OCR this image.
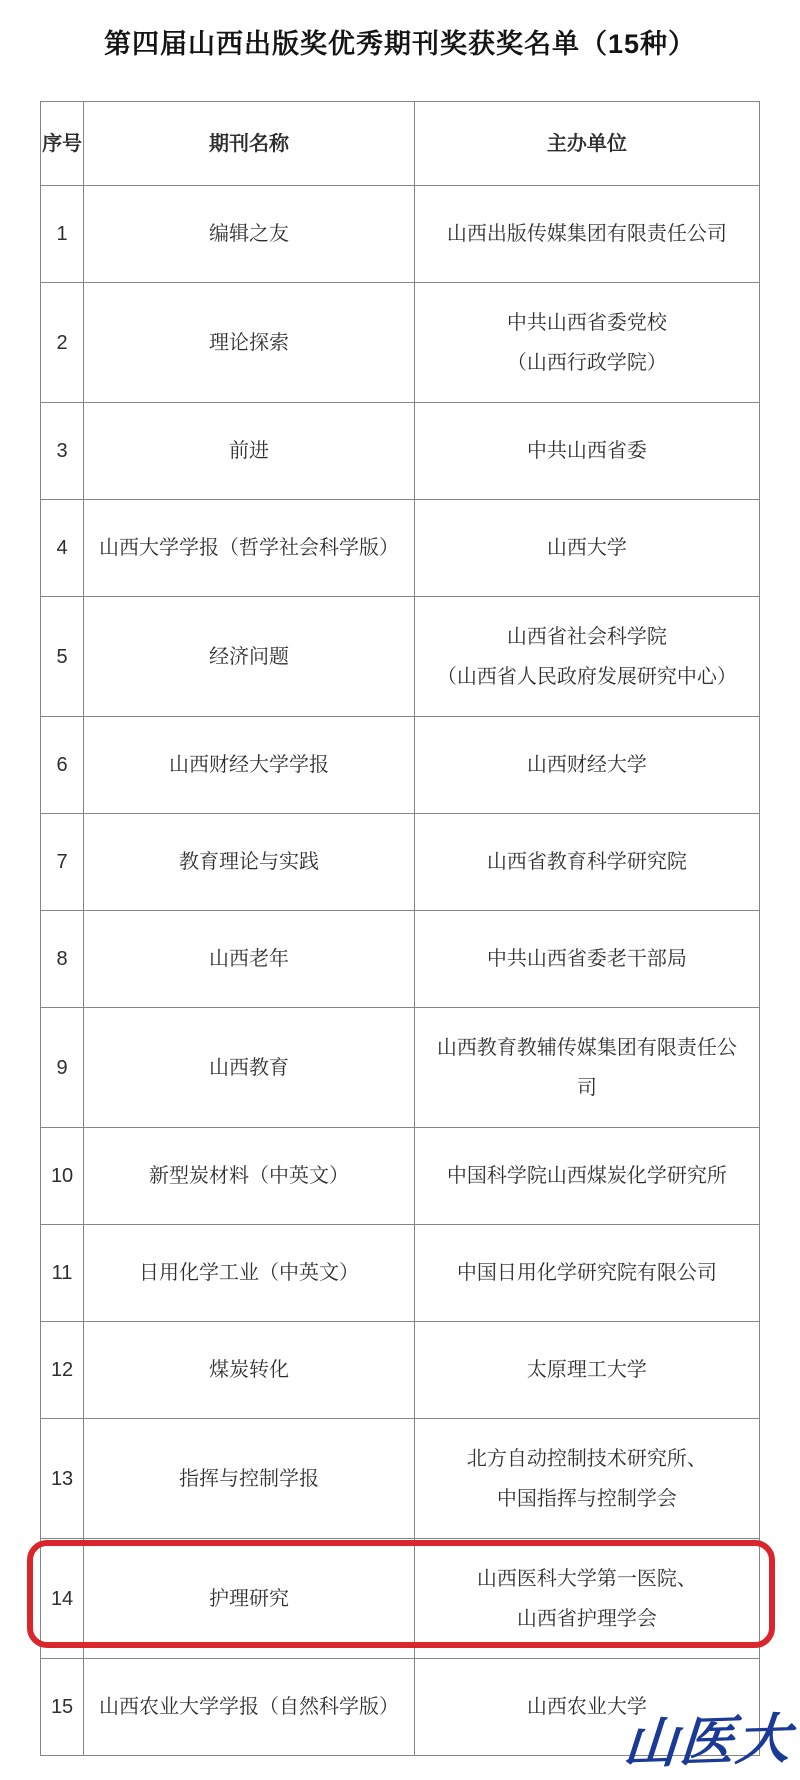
第四届山西出版奖优秀期刊奖获奖名单（15种）
序号	期刊名称	主办单位
1	编辑之友	山西出版传媒集团有限责任公司
2	理论探索	中共山西省委党校
（山西行政学院）
3	前进	中共山西省委
4	山西大学学报（哲学社会科学版）	山西大学
5	经济问题	山西省社会科学院
（山西省人民政府发展研究中心）
6	山西财经大学学报	山西财经大学
7	教育理论与实践	山西省教育科学研究院
8	山西老年	中共山西省委老干部局
9	山西教育	山西教育教辅传媒集团有限责任公司
10	新型炭材料（中英文）	中国科学院山西煤炭化学研究所
11	日用化学工业（中英文）	中国日用化学研究院有限公司
12	煤炭转化	太原理工大学
13	指挥与控制学报	北方自动控制技术研究所、
中国指挥与控制学会
14	护理研究	山西医科大学第一医院、
山西省护理学会
15	山西农业大学学报（自然科学版）	山西农业大学
山医大
